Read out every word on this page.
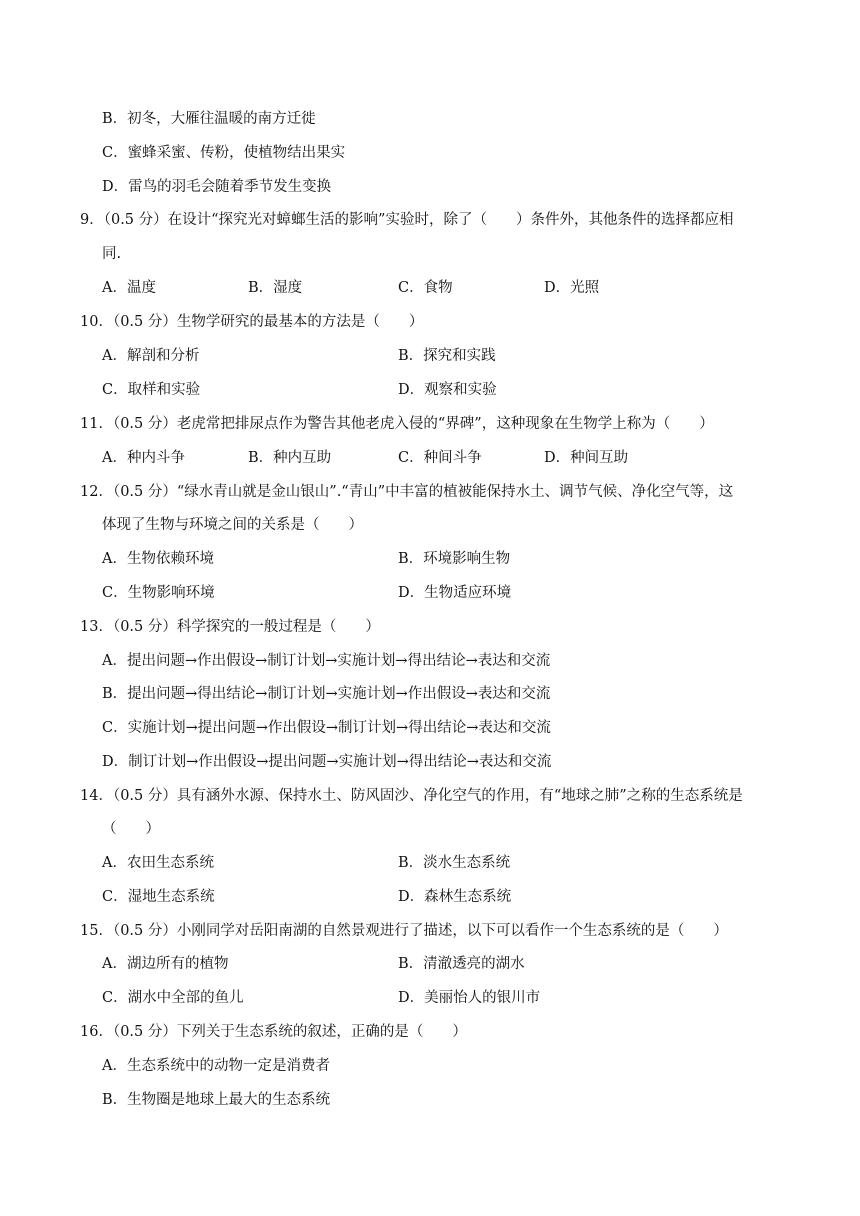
B．初冬，大雁往温暖的南方迁徙
C．蜜蜂采蜜、传粉，使植物结出果实
D．雷鸟的羽毛会随着季节发生变换
9．（0.5 分）在设计“探究光对蟑螂生活的影响”实验时，除了（　　）条件外，其他条件的选择都应相
同.
A．温度	B．湿度	C．食物	D．光照
10．（0.5 分）生物学研究的最基本的方法是（　　）
A．解剖和分析	B．探究和实践
C．取样和实验	D．观察和实验
11．（0.5 分）老虎常把排尿点作为警告其他老虎入侵的“界碑”，这种现象在生物学上称为（　　）
A．种内斗争	B．种内互助	C．种间斗争	D．种间互助
12．（0.5 分）“绿水青山就是金山银山”.“青山”中丰富的植被能保持水土、调节气候、净化空气等，这
体现了生物与环境之间的关系是（　　）
A．生物依赖环境	B．环境影响生物
C．生物影响环境	D．生物适应环境
13．（0.5 分）科学探究的一般过程是（　　）
A．提出问题→作出假设→制订计划→实施计划→得出结论→表达和交流
B．提出问题→得出结论→制订计划→实施计划→作出假设→表达和交流
C．实施计划→提出问题→作出假设→制订计划→得出结论→表达和交流
D．制订计划→作出假设→提出问题→实施计划→得出结论→表达和交流
14．（0.5 分）具有涵外水源、保持水土、防风固沙、净化空气的作用，有“地球之肺”之称的生态系统是
（　　）
A．农田生态系统	B．淡水生态系统
C．湿地生态系统	D．森林生态系统
15．（0.5 分）小刚同学对岳阳南湖的自然景观进行了描述，以下可以看作一个生态系统的是（　　）
A．湖边所有的植物	B．清澈透亮的湖水
C．湖水中全部的鱼儿	D．美丽怡人的银川市
16．（0.5 分）下列关于生态系统的叙述，正确的是（　　）
A．生态系统中的动物一定是消费者
B．生物圈是地球上最大的生态系统
